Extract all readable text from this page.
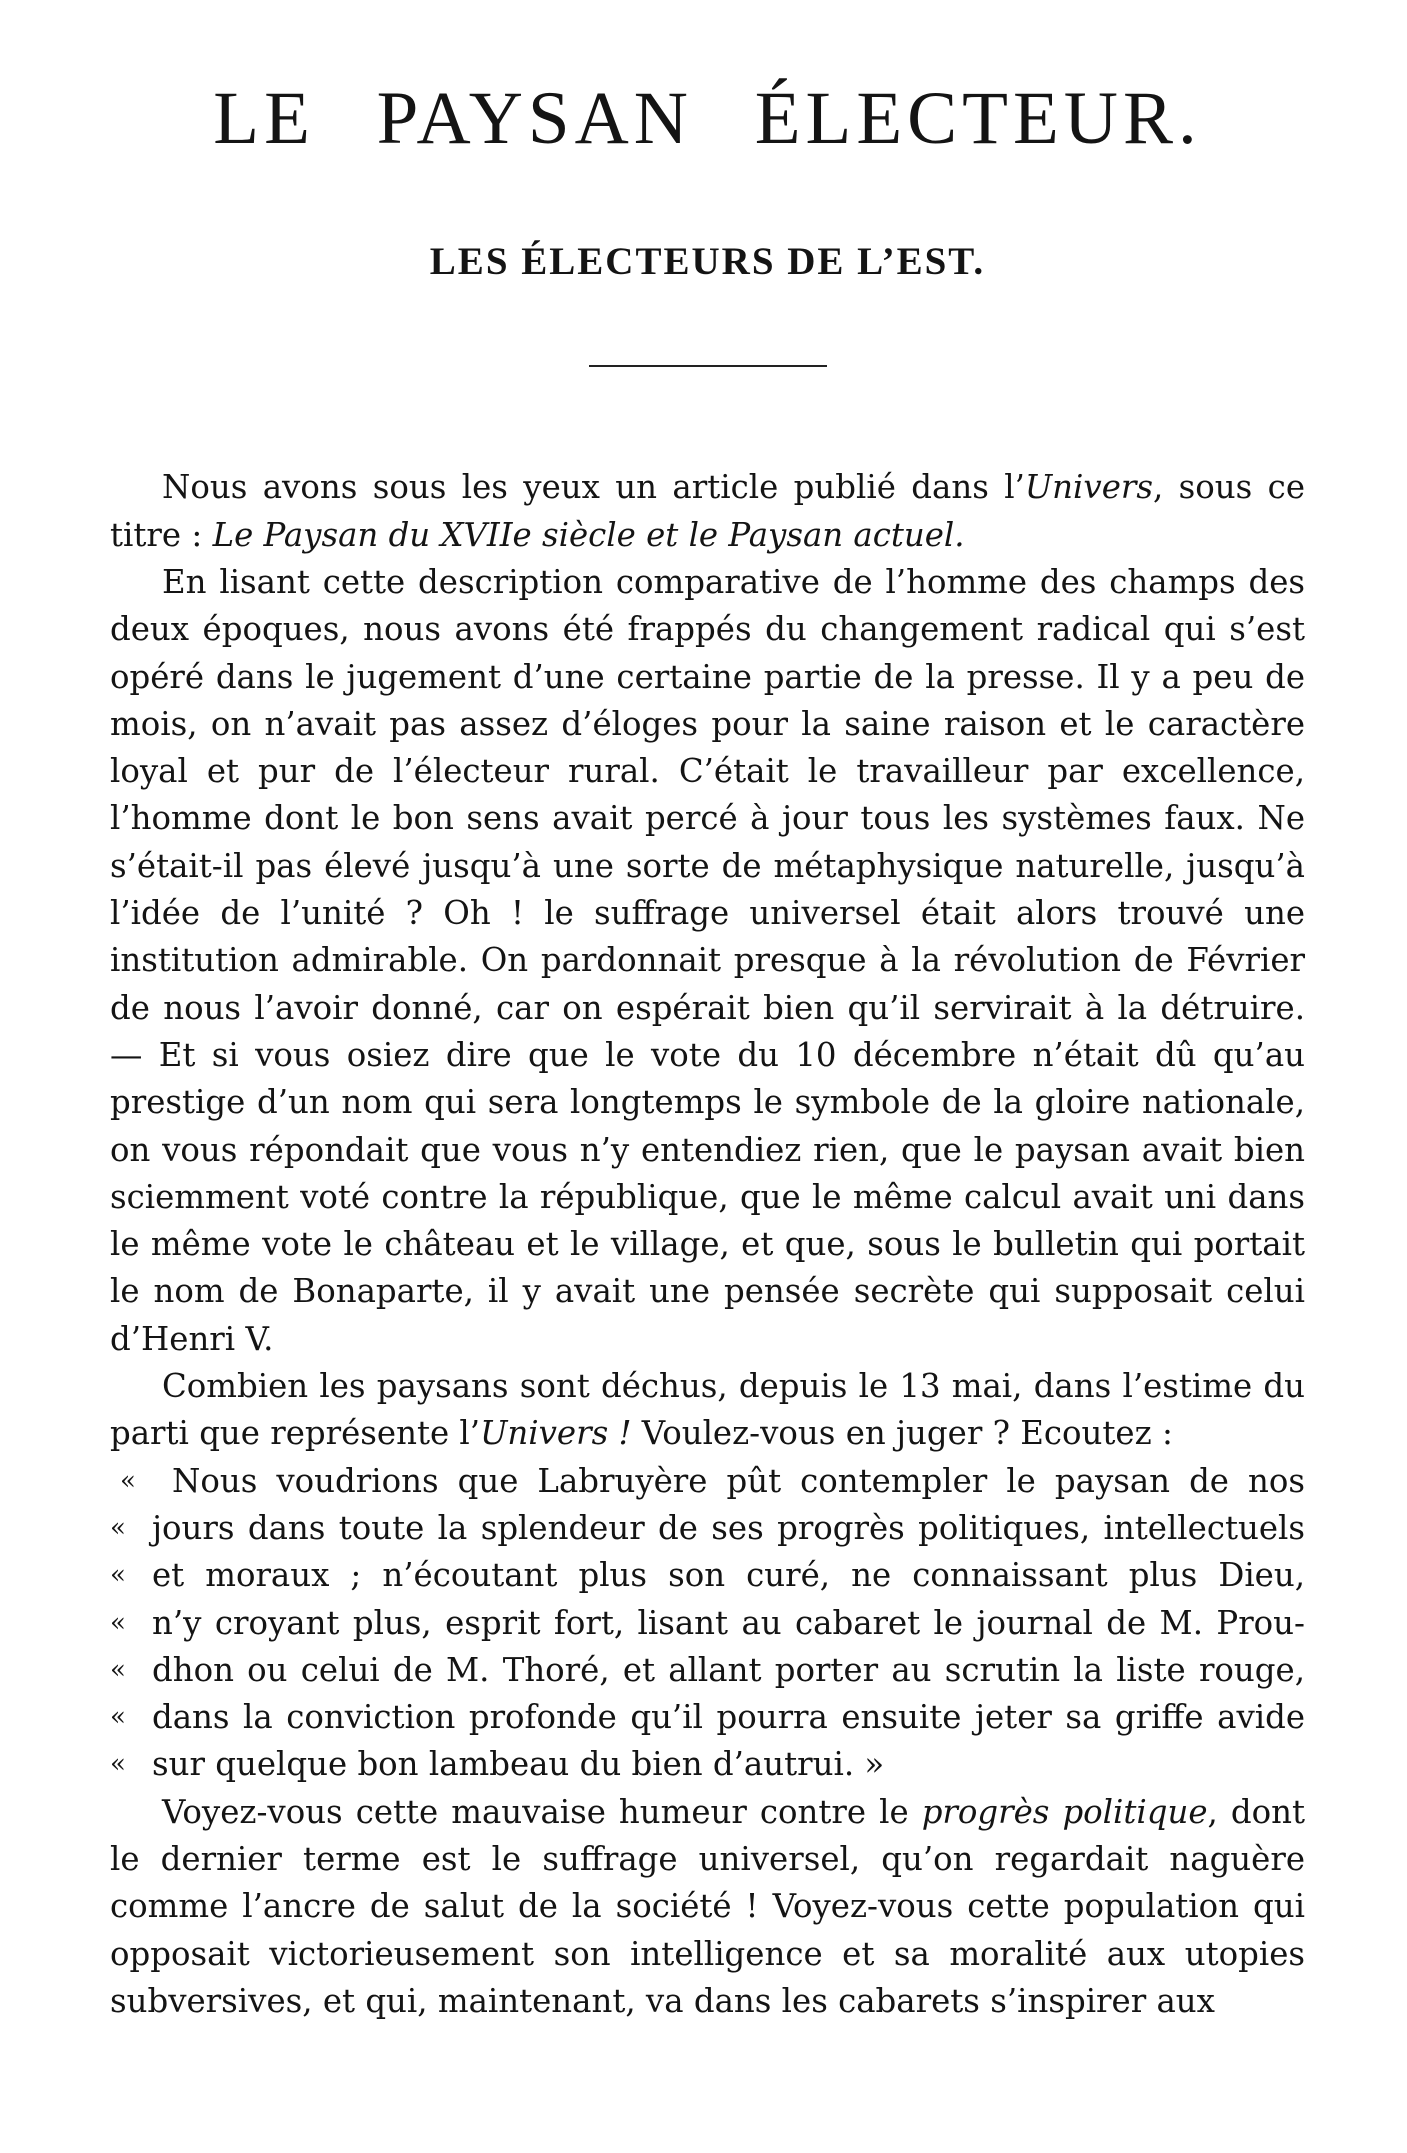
LE PAYSAN ÉLECTEUR.
LES ÉLECTEURS DE L’EST.

Nous avons sous les yeux un article publié dans l’Univers, sous ce titre : Le Paysan du XVIIe siècle et le Paysan actuel.

En lisant cette description comparative de l’homme des champs des deux époques, nous avons été frappés du changement radical qui s’est opéré dans le jugement d’une certaine partie de la presse. Il y a peu de mois, on n’avait pas assez d’éloges pour la saine raison et le caractère loyal et pur de l’électeur rural. C’était le travailleur par excellence, l’homme dont le bon sens avait percé à jour tous les systèmes faux. Ne s’était-il pas élevé jusqu’à une sorte de métaphysique naturelle, jusqu’à l’idée de l’unité ? Oh ! le suffrage universel était alors trouvé une institution admirable. On pardonnait presque à la révolution de Février de nous l’avoir donné, car on espérait bien qu’il servirait à la détruire. — Et si vous osiez dire que le vote du 10 décembre n’était dû qu’au prestige d’un nom qui sera longtemps le symbole de la gloire nationale, on vous répondait que vous n’y entendiez rien, que le paysan avait bien sciemment voté contre la république, que le même calcul avait uni dans le même vote le château et le village, et que, sous le bulletin qui portait le nom de Bonaparte, il y avait une pensée secrète qui supposait celui d’Henri V.

Combien les paysans sont déchus, depuis le 13 mai, dans l’estime du parti que représente l’Univers ! Voulez-vous en juger ? Ecoutez :

«	Nous voudrions que Labruyère pût contempler le paysan de nos
« jours dans toute la splendeur de ses progrès politiques, intellectuels
« et moraux ; n’écoutant plus son curé, ne connaissant plus Dieu,
« n’y croyant plus, esprit fort, lisant au cabaret le journal de M. Prou-
« dhon ou celui de M. Thoré, et allant porter au scrutin la liste rouge,
« dans la conviction profonde qu’il pourra ensuite jeter sa griffe avide
« sur quelque bon lambeau du bien d’autrui. »

Voyez-vous cette mauvaise humeur contre le progrès politique, dont le dernier terme est le suffrage universel, qu’on regardait naguère comme l’ancre de salut de la société ! Voyez-vous cette population qui opposait victorieusement son intelligence et sa moralité aux utopies subversives, et qui, maintenant, va dans les cabarets s’inspirer aux
